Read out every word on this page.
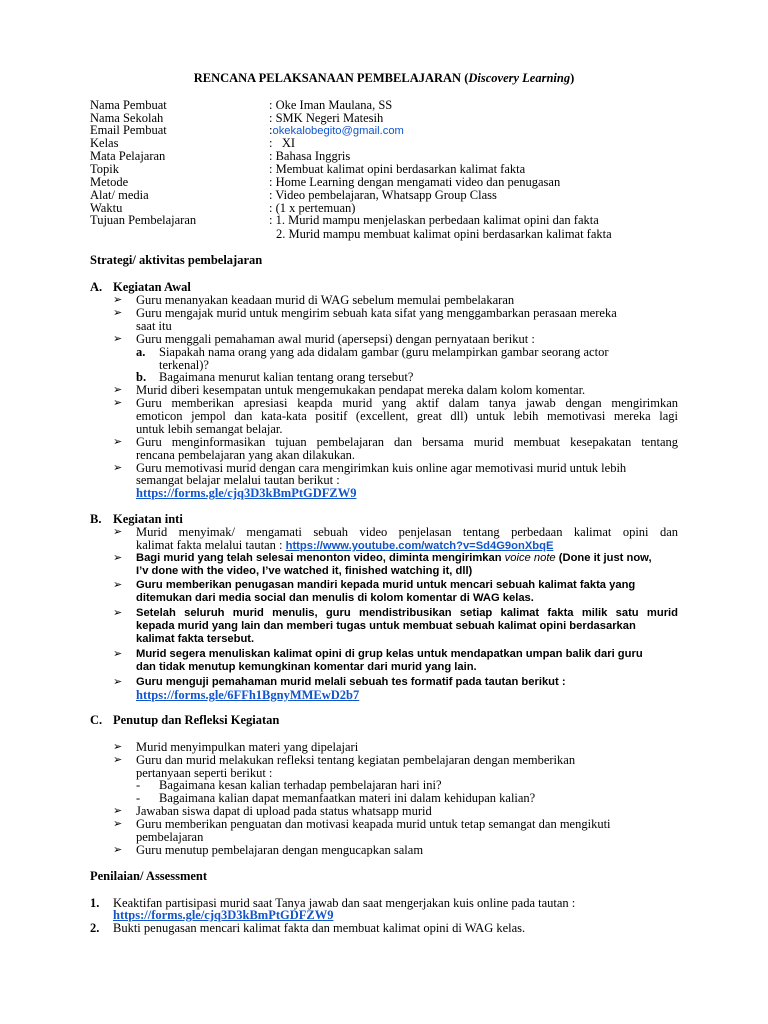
RENCANA PELAKSANAAN PEMBELAJARAN (Discovery Learning)
Nama Pembuat	: Oke Iman Maulana, SS
Nama Sekolah	: SMK Negeri Matesih
Email Pembuat	:okekalobegito@gmail.com
Kelas	:   XI
Mata Pelajaran	: Bahasa Inggris
Topik	: Membuat kalimat opini berdasarkan kalimat fakta
Metode	: Home Learning dengan mengamati video dan penugasan
Alat/ media	: Video pembelajaran, Whatsapp Group Class
Waktu	: (1 x pertemuan)
Tujuan Pembelajaran	: 1. Murid mampu menjelaskan perbedaan kalimat opini dan fakta
2. Murid mampu membuat kalimat opini berdasarkan kalimat fakta
Strategi/ aktivitas pembelajaran
A. Kegiatan Awal
➢ Guru menanyakan keadaan murid di WAG sebelum memulai pembelakaran
➢ Guru mengajak murid untuk mengirim sebuah kata sifat yang menggambarkan perasaan mereka
saat itu
➢ Guru menggali pemahaman awal murid (apersepsi) dengan pernyataan berikut :
a. Siapakah nama orang yang ada didalam gambar (guru melampirkan gambar seorang actor
terkenal)?
b. Bagaimana menurut kalian tentang orang tersebut?
➢ Murid diberi kesempatan untuk mengemukakan pendapat mereka dalam kolom komentar.
➢ Guru memberikan apresiasi keapda murid yang aktif dalam tanya jawab dengan mengirimkan
emoticon jempol dan kata-kata positif (excellent, great dll) untuk lebih memotivasi mereka lagi
untuk lebih semangat belajar.
➢ Guru menginformasikan tujuan pembelajaran dan bersama murid membuat kesepakatan tentang
rencana pembelajaran yang akan dilakukan.
➢ Guru memotivasi murid dengan cara mengirimkan kuis online agar memotivasi murid untuk lebih
semangat belajar melalui tautan berikut :
https://forms.gle/cjq3D3kBmPtGDFZW9
B. Kegiatan inti
➢ Murid menyimak/ mengamati sebuah video penjelasan tentang perbedaan kalimat opini dan
kalimat fakta melalui tautan : https://www.youtube.com/watch?v=Sd4G9onXbqE
➢ Bagi murid yang telah selesai menonton video, diminta mengirimkan voice note (Done it just now,
I’v done with the video, I’ve watched it, finished watching it, dll)
➢ Guru memberikan penugasan mandiri kepada murid untuk mencari sebuah kalimat fakta yang
ditemukan dari media social dan menulis di kolom komentar di WAG kelas.
➢ Setelah seluruh murid menulis, guru mendistribusikan setiap kalimat fakta milik satu murid
kepada murid yang lain dan memberi tugas untuk membuat sebuah kalimat opini berdasarkan
kalimat fakta tersebut.
➢ Murid segera menuliskan kalimat opini di grup kelas untuk mendapatkan umpan balik dari guru
dan tidak menutup kemungkinan komentar dari murid yang lain.
➢ Guru menguji pemahaman murid melali sebuah tes formatif pada tautan berikut :
https://forms.gle/6FFh1BgnyMMEwD2b7
C. Penutup dan Refleksi Kegiatan
➢ Murid menyimpulkan materi yang dipelajari
➢ Guru dan murid melakukan refleksi tentang kegiatan pembelajaran dengan memberikan
pertanyaan seperti berikut :
- Bagaimana kesan kalian terhadap pembelajaran hari ini?
- Bagaimana kalian dapat memanfaatkan materi ini dalam kehidupan kalian?
➢ Jawaban siswa dapat di upload pada status whatsapp murid
➢ Guru memberikan penguatan dan motivasi keapada murid untuk tetap semangat dan mengikuti
pembelajaran
➢ Guru menutup pembelajaran dengan mengucapkan salam
Penilaian/ Assessment
1. Keaktifan partisipasi murid saat Tanya jawab dan saat mengerjakan kuis online pada tautan :
https://forms.gle/cjq3D3kBmPtGDFZW9
2. Bukti penugasan mencari kalimat fakta dan membuat kalimat opini di WAG kelas.
